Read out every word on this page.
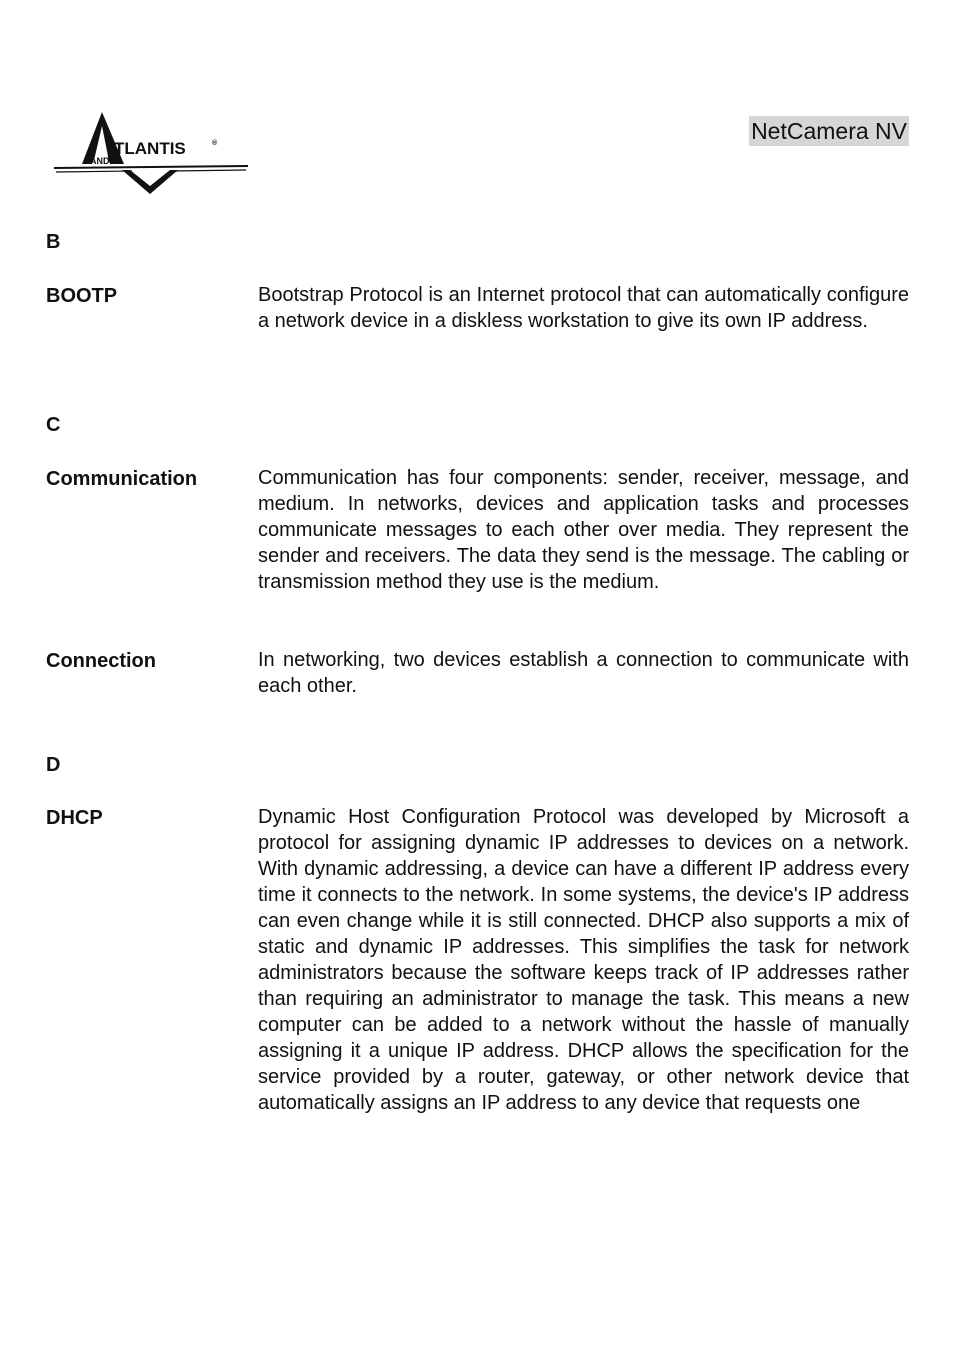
TLANTIS	®
AND
NetCamera NV
B
BOOTP	Bootstrap Protocol is an Internet protocol that can automatically configure a network device in a diskless workstation to give its own IP address.
C
Communication	Communication has four components: sender, receiver, message, and medium. In networks, devices and application tasks and processes communicate messages to each other over media. They represent the sender and receivers. The data they send is the message. The cabling or transmission method they use is the medium.
Connection	In networking, two devices establish a connection to communicate with each other.
D
DHCP	Dynamic Host Configuration Protocol was developed by Microsoft a protocol for assigning dynamic IP addresses to devices on a network. With dynamic addressing, a device can have a different IP address every time it connects to the network. In some systems, the device's IP address can even change while it is still connected. DHCP also supports a mix of static and dynamic IP addresses. This simplifies the task for network administrators because the software keeps track of IP addresses rather than requiring an administrator to manage the task. This means a new computer can be added to a network without the hassle of manually assigning it a unique IP address. DHCP allows the specification for the service provided by a router, gateway, or other network device that automatically assigns an IP address to any device that requests one
